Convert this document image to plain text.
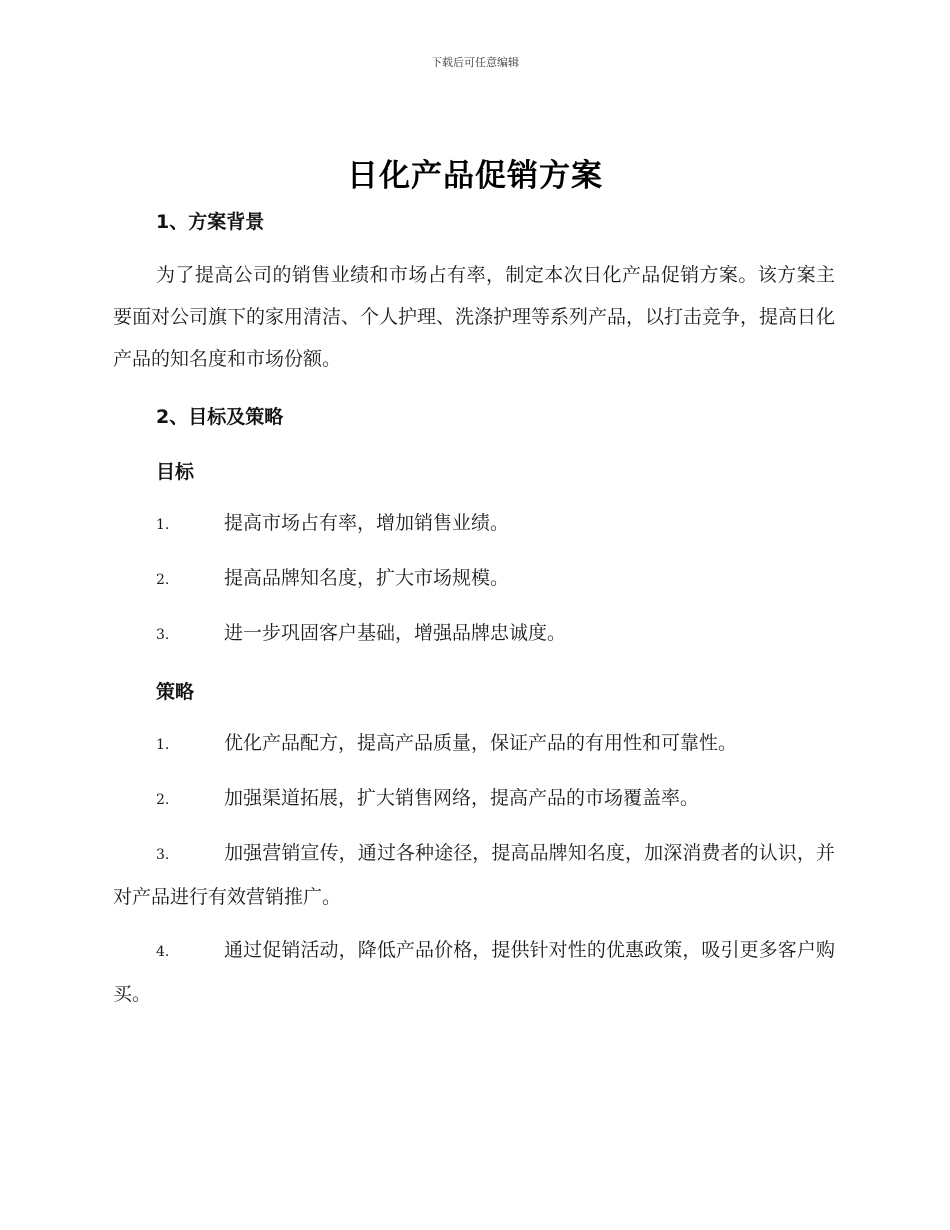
下载后可任意编辑
日化产品促销方案
1、方案背景

为了提高公司的销售业绩和市场占有率，制定本次日化产品促销方案。该方案主要面对公司旗下的家用清洁、个人护理、洗涤护理等系列产品，以打击竞争，提高日化产品的知名度和市场份额。

2、目标及策略
目标

1.	提高市场占有率，增加销售业绩。

2.	提高品牌知名度，扩大市场规模。

3.	进一步巩固客户基础，增强品牌忠诚度。

策略

1.	优化产品配方，提高产品质量，保证产品的有用性和可靠性。

2.	加强渠道拓展，扩大销售网络，提高产品的市场覆盖率。

3.	加强营销宣传，通过各种途径，提高品牌知名度，加深消费者的认识，并对产品进行有效营销推广。

4.	通过促销活动，降低产品价格，提供针对性的优惠政策，吸引更多客户购买。
